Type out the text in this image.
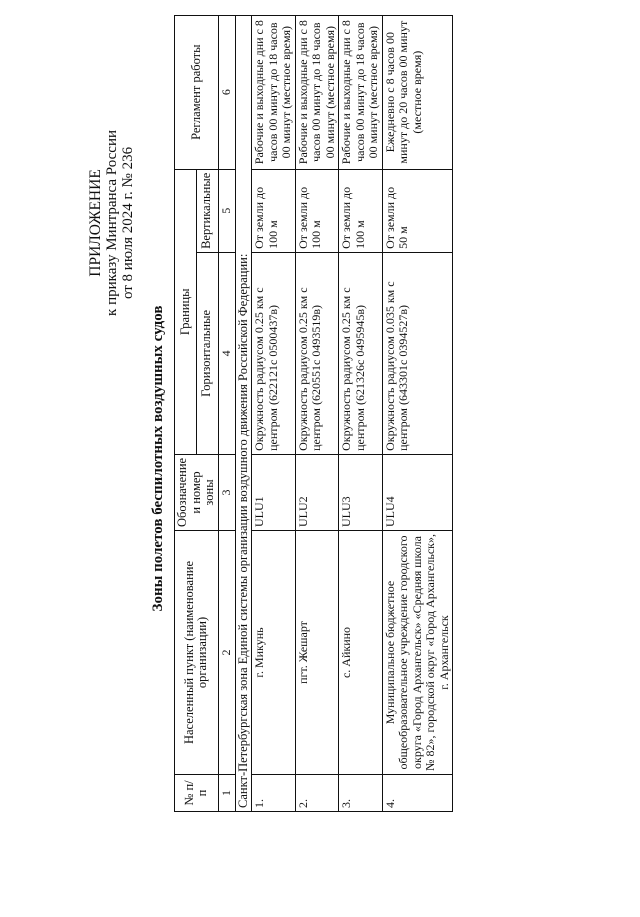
ПРИЛОЖЕНИЕ к приказу Минтранса России от 8 июля 2024 г. № 236
Зоны полетов беспилотных воздушных судов
№ п/п	Населенный пункт (наименование организации)	Обозначение и номер зоны	Границы		Регламент работы
			Горизонтальные	Вертикальные	
1	2	3	4	5	6
Санкт-Петербургская зона Единой системы организации воздушного движения Российской Федерации:					
1.	г. Микунь	ULU1	Окружность радиусом 0.25 км с центром (622121с 0500437в)	От земли до 100 м	Рабочие и выходные дни с 8 часов 00 минут до 18 часов 00 минут (местное время)
2.	пгт. Жешарт	ULU2	Окружность радиусом 0.25 км с центром (620551с 0493519в)	От земли до 100 м	Рабочие и выходные дни с 8 часов 00 минут до 18 часов 00 минут (местное время)
3.	с. Айкино	ULU3	Окружность радиусом 0.25 км с центром (621326с 0495945в)	От земли до 100 м	Рабочие и выходные дни с 8 часов 00 минут до 18 часов 00 минут (местное время)
4.	Муниципальное бюджетное общеобразовательное учреждение городского округа «Город Архангельск» «Средняя школа № 82», городской округ «Город Архангельск», г. Архангельск	ULU4	Окружность радиусом 0.035 км с центром (643301с 0394527в)	От земли до 50 м	Ежедневно с 8 часов 00 минут до 20 часов 00 минут (местное время)
